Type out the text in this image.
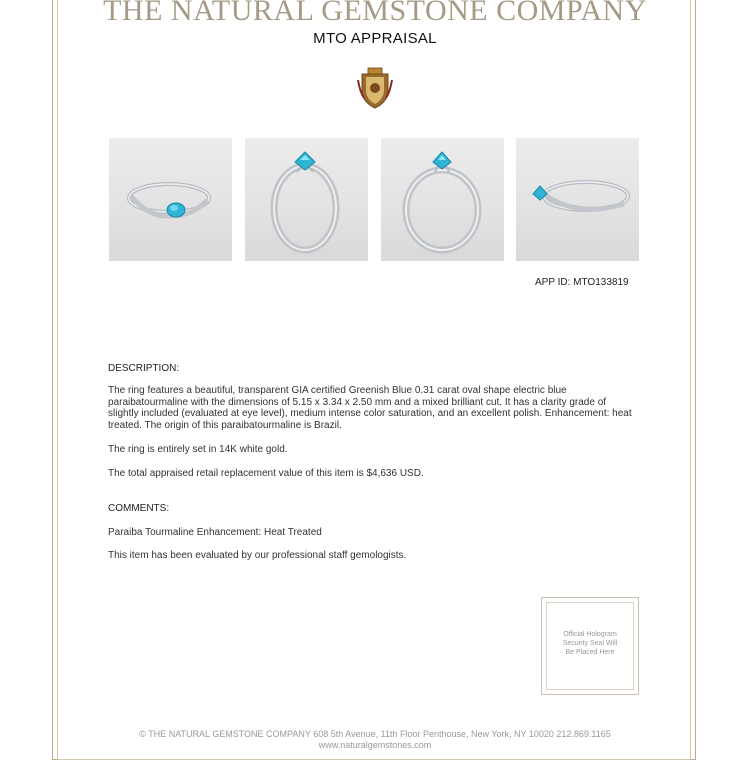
THE NATURAL GEMSTONE COMPANY
MTO APPRAISAL
APP ID: MTO133819
DESCRIPTION:
The ring features a beautiful, transparent GIA certified Greenish Blue 0.31 carat oval shape electric blue paraibatourmaline with the dimensions of 5.15 x 3.34 x 2.50 mm and a mixed brilliant cut. It has a clarity grade of slightly included (evaluated at eye level), medium intense color saturation, and an excellent polish. Enhancement: heat treated. The origin of this paraibatourmaline is Brazil.
The ring is entirely set in 14K white gold.
The total appraised retail replacement value of this item is $4,636 USD.
COMMENTS:
Paraiba Tourmaline Enhancement: Heat Treated
This item has been evaluated by our professional staff gemologists.
Official Hologram
Security Seal Will
Be Placed Here
© THE NATURAL GEMSTONE COMPANY 608 5th Avenue, 11th Floor Penthouse, New York, NY 10020 212.869.1165
www.naturalgemstones.com
